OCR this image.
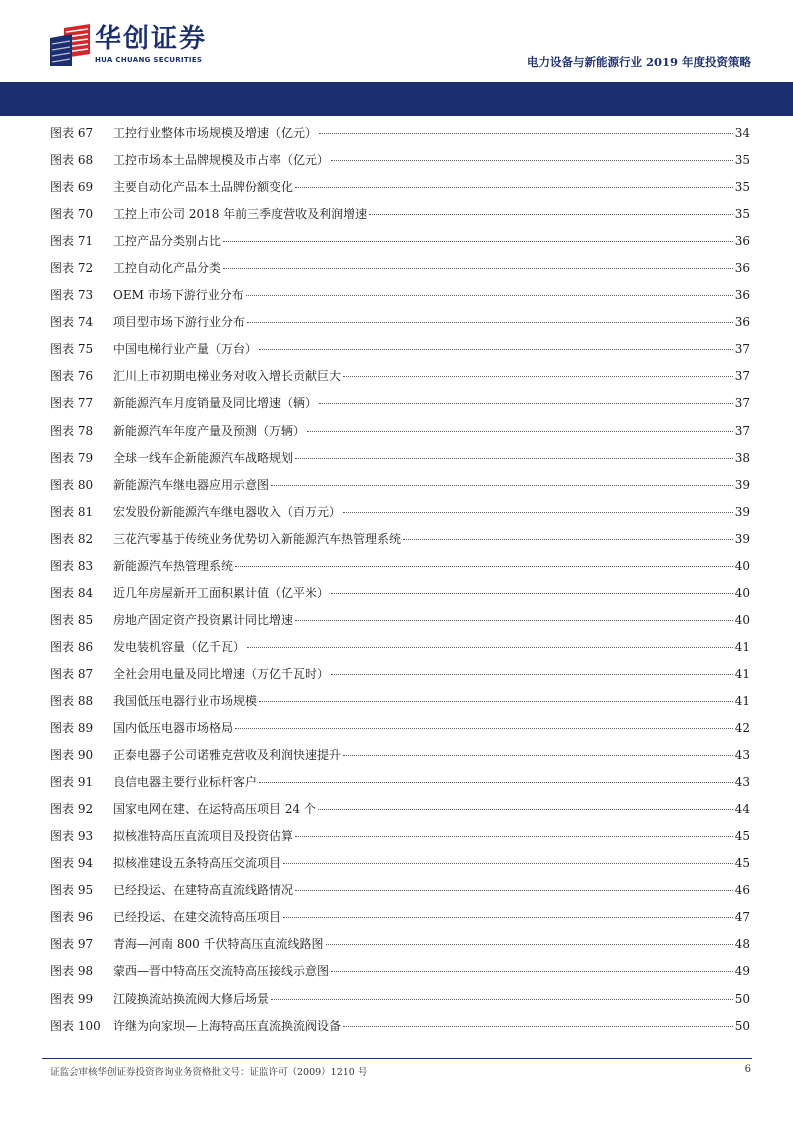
华创证券
HUA CHUANG SECURITIES	电力设备与新能源行业 2019 年度投资策略
图表 67	工控行业整体市场规模及增速（亿元）	34
图表 68	工控市场本土品牌规模及市占率（亿元）	35
图表 69	主要自动化产品本土品牌份额变化	35
图表 70	工控上市公司 2018 年前三季度营收及利润增速	35
图表 71	工控产品分类别占比	36
图表 72	工控自动化产品分类	36
图表 73	OEM 市场下游行业分布	36
图表 74	项目型市场下游行业分布	36
图表 75	中国电梯行业产量（万台）	37
图表 76	汇川上市初期电梯业务对收入增长贡献巨大	37
图表 77	新能源汽车月度销量及同比增速（辆）	37
图表 78	新能源汽车年度产量及预测（万辆）	37
图表 79	全球一线车企新能源汽车战略规划	38
图表 80	新能源汽车继电器应用示意图	39
图表 81	宏发股份新能源汽车继电器收入（百万元）	39
图表 82	三花汽零基于传统业务优势切入新能源汽车热管理系统	39
图表 83	新能源汽车热管理系统	40
图表 84	近几年房屋新开工面积累计值（亿平米）	40
图表 85	房地产固定资产投资累计同比增速	40
图表 86	发电装机容量（亿千瓦）	41
图表 87	全社会用电量及同比增速（万亿千瓦时）	41
图表 88	我国低压电器行业市场规模	41
图表 89	国内低压电器市场格局	42
图表 90	正泰电器子公司诺雅克营收及利润快速提升	43
图表 91	良信电器主要行业标杆客户	43
图表 92	国家电网在建、在运特高压项目 24 个	44
图表 93	拟核准特高压直流项目及投资估算	45
图表 94	拟核准建设五条特高压交流项目	45
图表 95	已经投运、在建特高直流线路情况	46
图表 96	已经投运、在建交流特高压项目	47
图表 97	青海—河南 800 千伏特高压直流线路图	48
图表 98	蒙西—晋中特高压交流特高压接线示意图	49
图表 99	江陵换流站换流阀大修后场景	50
图表 100	许继为向家坝—上海特高压直流换流阀设备	50
证监会审核华创证券投资咨询业务资格批文号：证监许可（2009）1210 号	6
